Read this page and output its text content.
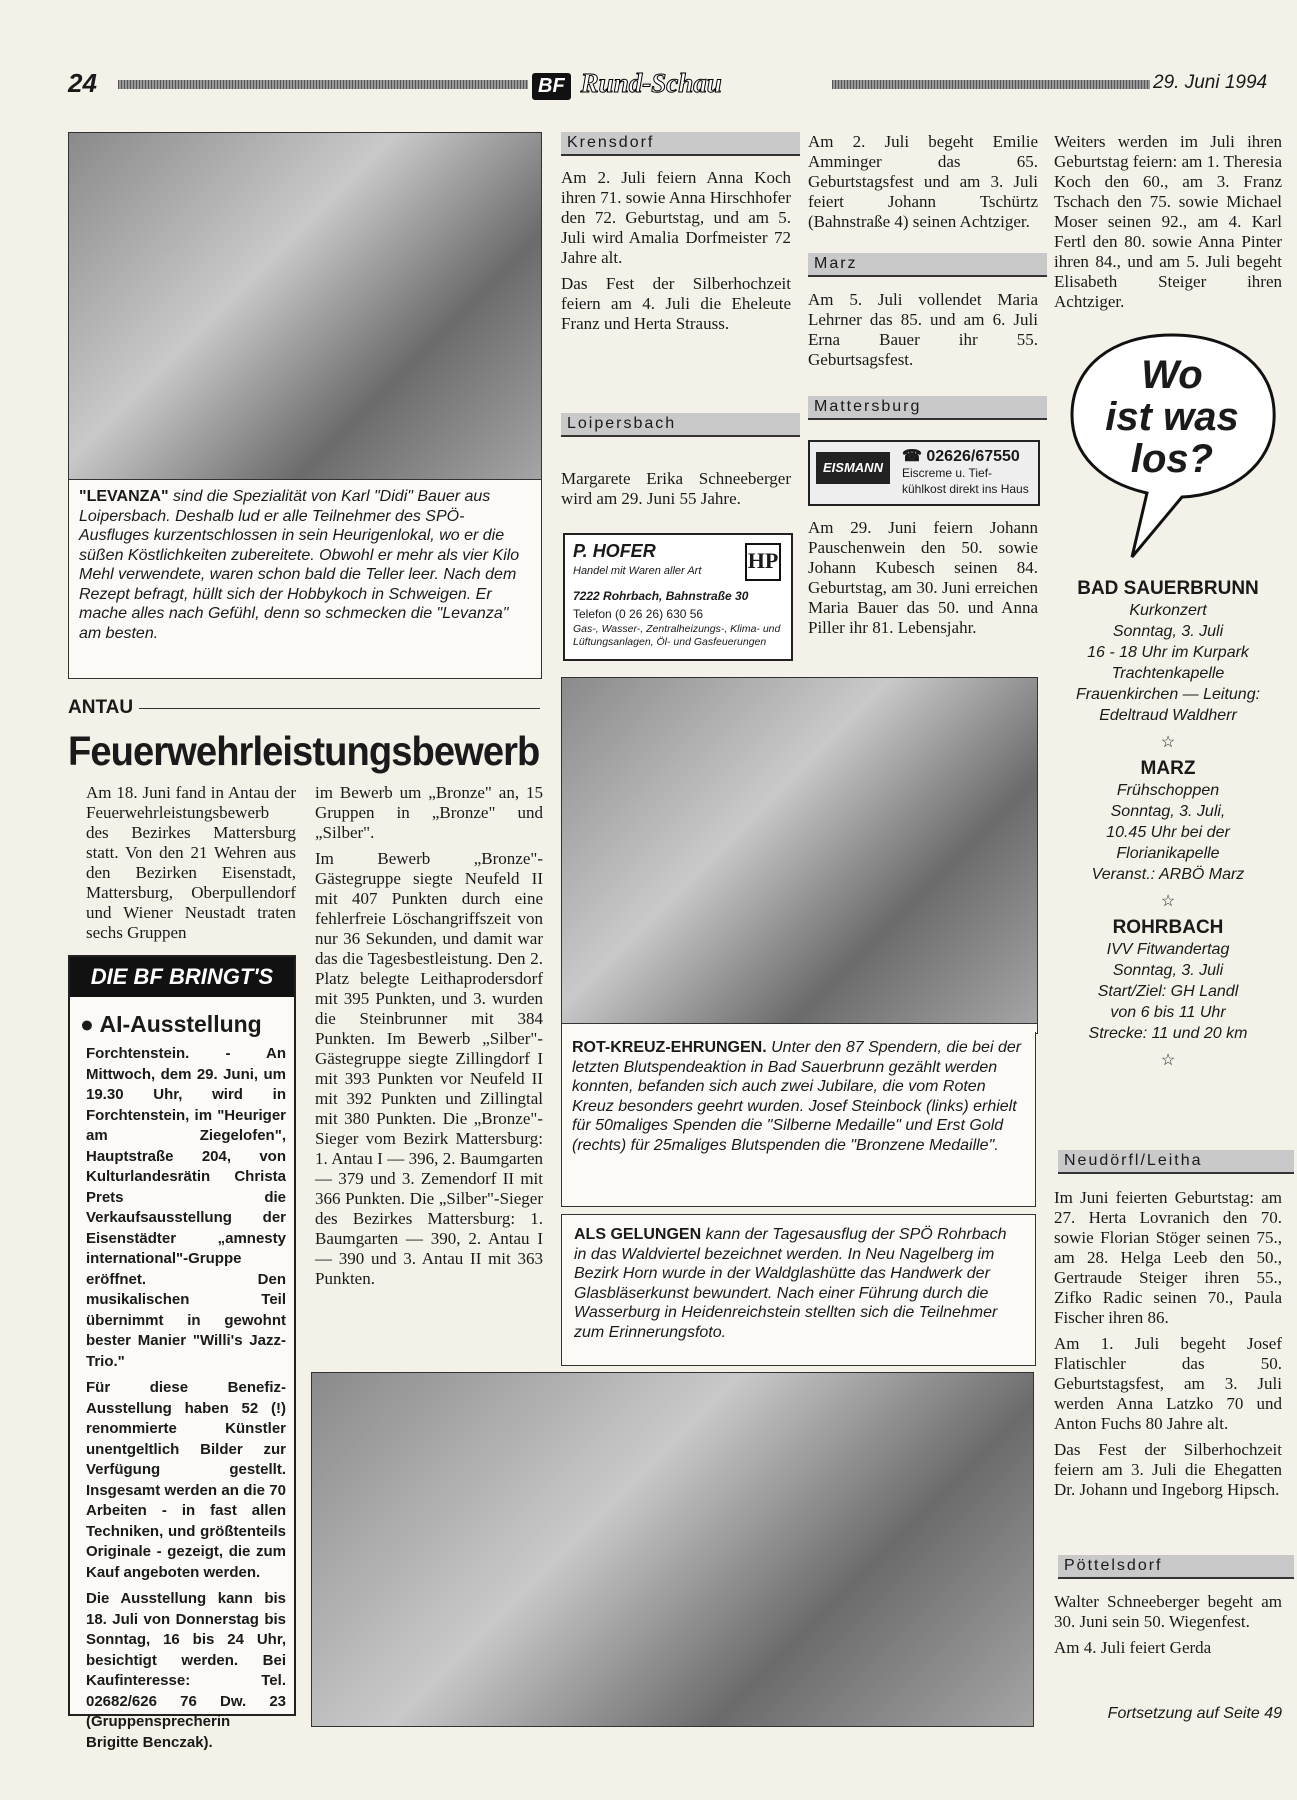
24	BF Rund-Schau	29. Juni 1994
"LEVANZA" sind die Spezialität von Karl "Didi" Bauer aus Loipersbach. Deshalb lud er alle Teilnehmer des SPÖ-Ausfluges kurzentschlossen in sein Heurigenlokal, wo er die süßen Köstlichkeiten zubereitete. Obwohl er mehr als vier Kilo Mehl verwendete, waren schon bald die Teller leer. Nach dem Rezept befragt, hüllt sich der Hobbykoch in Schweigen. Er mache alles nach Gefühl, denn so schmecken die "Levanza" am besten.
Krensdorf

Am 2. Juli feiern Anna Koch ihren 71. sowie Anna Hirschhofer den 72. Geburtstag, und am 5. Juli wird Amalia Dorfmeister 72 Jahre alt.

Das Fest der Silberhochzeit feiern am 4. Juli die Eheleute Franz und Herta Strauss.

Loipersbach
Margarete Erika Schneeberger wird am 29. Juni 55 Jahre.
P. HOFER	HP
Handel mit Waren aller Art
7222 Rohrbach, Bahnstraße 30
Telefon (0 26 26) 630 56
Gas-, Wasser-, Zentralheizungs-, Klima- und Lüftungsanlagen, Öl- und Gasfeuerungen
Am 2. Juli begeht Emilie Amminger das 65. Geburtstagsfest und am 3. Juli feiert Johann Tschürtz (Bahnstraße 4) seinen Achtziger.
Marz
Am 5. Juli vollendet Maria Lehrner das 85. und am 6. Juli Erna Bauer ihr 55. Geburtsagsfest.
Mattersburg
EISMANN
☎ 02626/67550
Eiscreme u. Tief-
kühlkost direkt ins Haus
Am 29. Juni feiern Johann Pauschenwein den 50. sowie Johann Kubesch seinen 84. Geburtstag, am 30. Juni erreichen Maria Bauer das 50. und Anna Piller ihr 81. Lebensjahr.
Weiters werden im Juli ihren Geburtstag feiern: am 1. Theresia Koch den 60., am 3. Franz Tschach den 75. sowie Michael Moser seinen 92., am 4. Karl Fertl den 80. sowie Anna Pinter ihren 84., und am 5. Juli begeht Elisabeth Steiger ihren Achtziger.
Wo
ist was
los?
BAD SAUERBRUNN
Kurkonzert
Sonntag, 3. Juli
16 - 18 Uhr im Kurpark
Trachtenkapelle
Frauenkirchen — Leitung:
Edeltraud Waldherr
☆
MARZ
Frühschoppen
Sonntag, 3. Juli,
10.45 Uhr bei der
Florianikapelle
Veranst.: ARBÖ Marz
☆
ROHRBACH
IVV Fitwandertag
Sonntag, 3. Juli
Start/Ziel: GH Landl
von 6 bis 11 Uhr
Strecke: 11 und 20 km
☆
Neudörfl/Leitha

Im Juni feierten Geburtstag: am 27. Herta Lovranich den 70. sowie Florian Stöger seinen 75., am 28. Helga Leeb den 50., Gertraude Steiger ihren 55., Zifko Radic seinen 70., Paula Fischer ihren 86.

Am 1. Juli begeht Josef Flatischler das 50. Geburtstagsfest, am 3. Juli werden Anna Latzko 70 und Anton Fuchs 80 Jahre alt.

Das Fest der Silberhochzeit feiern am 3. Juli die Ehegatten Dr. Johann und Ingeborg Hipsch.

Pöttelsdorf

Walter Schneeberger begeht am 30. Juni sein 50. Wiegenfest.

Am 4. Juli feiert Gerda

Fortsetzung auf Seite 49
ANTAU
Feuerwehrleistungsbewerb
Am 18. Juni fand in Antau der Feuerwehrleistungsbewerb des Bezirkes Mattersburg statt. Von den 21 Wehren aus den Bezirken Eisenstadt, Mattersburg, Oberpullendorf und Wiener Neustadt traten sechs Gruppen

im Bewerb um „Bronze" an, 15 Gruppen in „Bronze" und „Silber".

Im Bewerb „Bronze"-Gästegruppe siegte Neufeld II mit 407 Punkten durch eine fehlerfreie Löschangriffszeit von nur 36 Sekunden, und damit war das die Tagesbestleistung. Den 2. Platz belegte Leithaprodersdorf mit 395 Punkten, und 3. wurden die Steinbrunner mit 384 Punkten. Im Bewerb „Silber"-Gästegruppe siegte Zillingdorf I mit 393 Punkten vor Neufeld II mit 392 Punkten und Zillingtal mit 380 Punkten. Die „Bronze"-Sieger vom Bezirk Mattersburg: 1. Antau I — 396, 2. Baumgarten — 379 und 3. Zemendorf II mit 366 Punkten. Die „Silber"-Sieger des Bezirkes Mattersburg: 1. Baumgarten — 390, 2. Antau I — 390 und 3. Antau II mit 363 Punkten.

DIE BF BRINGT'S
● AI-Ausstellung

Forchtenstein. - An Mittwoch, dem 29. Juni, um 19.30 Uhr, wird in Forchtenstein, im "Heuriger am Ziegelofen", Hauptstraße 204, von Kulturlandesrätin Christa Prets die Verkaufsausstellung der Eisenstädter „amnesty international"-Gruppe eröffnet. Den musikalischen Teil übernimmt in gewohnt bester Manier "Willi's Jazz-Trio."

Für diese Benefiz-Ausstellung haben 52 (!) renommierte Künstler unentgeltlich Bilder zur Verfügung gestellt. Insgesamt werden an die 70 Arbeiten - in fast allen Techniken, und größtenteils Originale - gezeigt, die zum Kauf angeboten werden.

Die Ausstellung kann bis 18. Juli von Donnerstag bis Sonntag, 16 bis 24 Uhr, besichtigt werden. Bei Kaufinteresse: Tel. 02682/626 76 Dw. 23 (Gruppensprecherin Brigitte Benczak).

ROT-KREUZ-EHRUNGEN. Unter den 87 Spendern, die bei der letzten Blutspendeaktion in Bad Sauerbrunn gezählt werden konnten, befanden sich auch zwei Jubilare, die vom Roten Kreuz besonders geehrt wurden. Josef Steinbock (links) erhielt für 50maliges Spenden die "Silberne Medaille" und Erst Gold (rechts) für 25maliges Blutspenden die "Bronzene Medaille".
ALS GELUNGEN kann der Tagesausflug der SPÖ Rohrbach in das Waldviertel bezeichnet werden. In Neu Nagelberg im Bezirk Horn wurde in der Waldglashütte das Handwerk der Glasbläserkunst bewundert. Nach einer Führung durch die Wasserburg in Heidenreichstein stellten sich die Teilnehmer zum Erinnerungsfoto.
